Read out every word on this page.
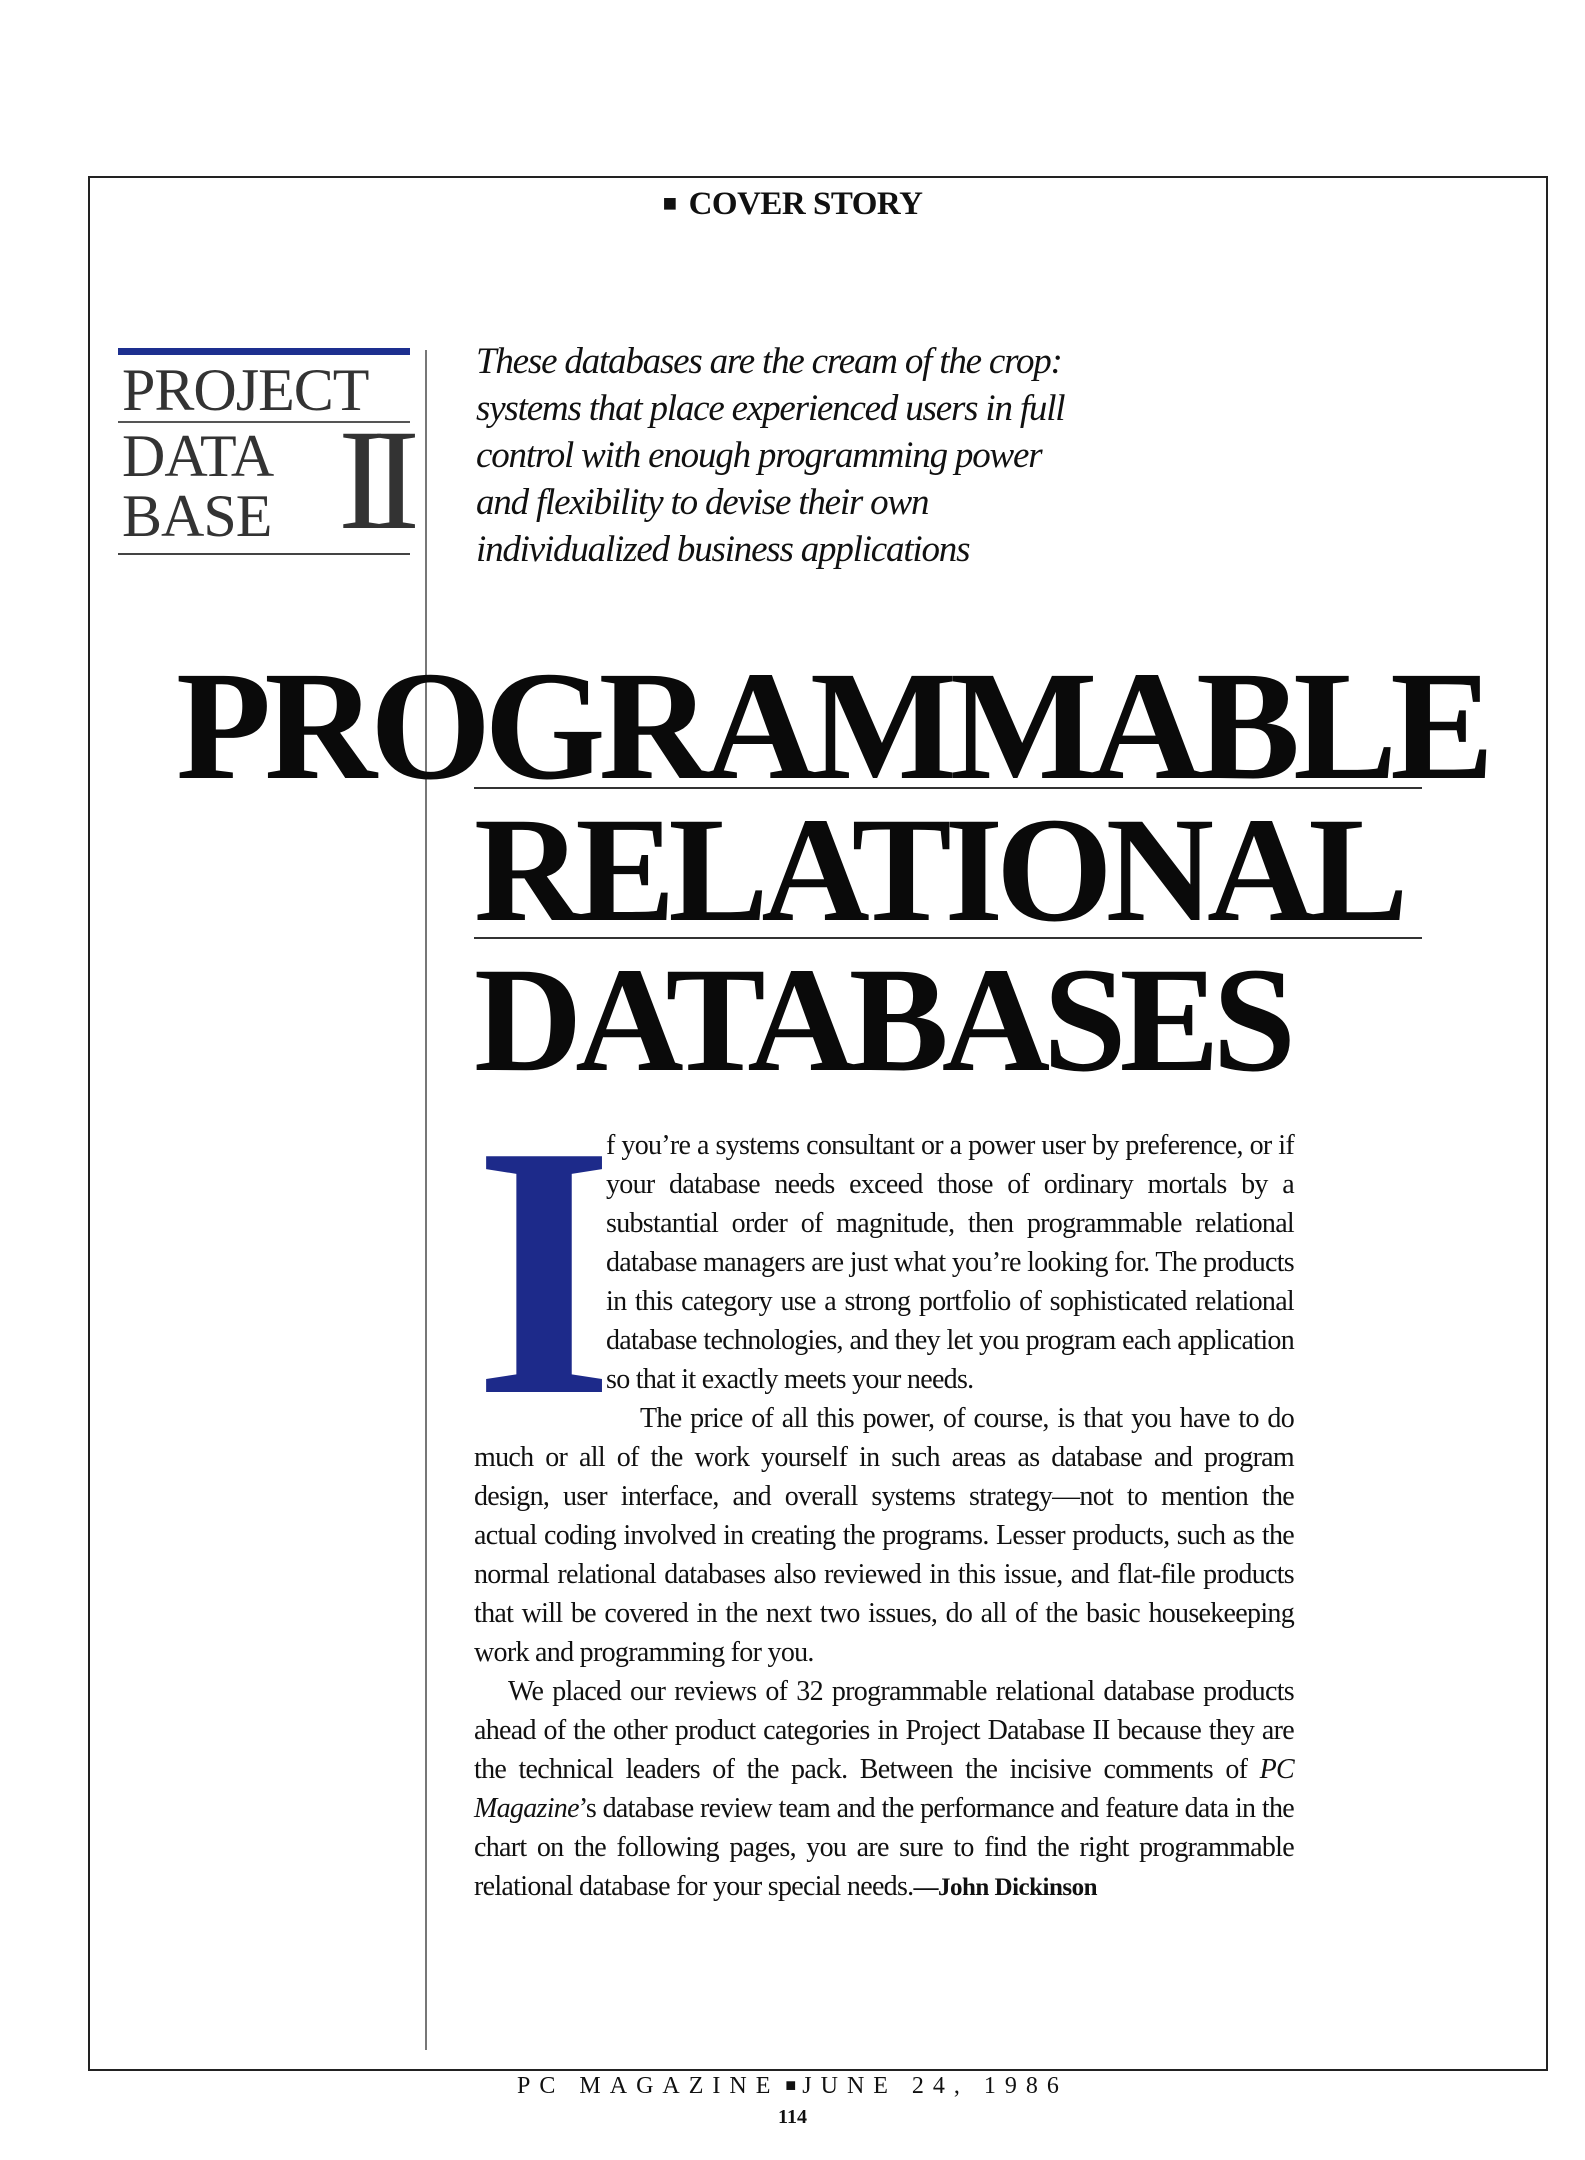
■ COVER STORY
PROJECT
DATA
BASE II
These databases are the cream of the crop: systems that place experienced users in full control with enough programming power and flexibility to devise their own individualized business applications
PROGRAMMABLE
RELATIONAL
DATABASES

I
f you’re a systems consultant or a power user by preference, or if your database needs exceed those of ordinary mortals by a substantial order of magnitude, then programmable relational database managers are just what you’re looking for. The products in this category use a strong portfolio of sophisticated relational database technologies, and they let you program each application so that it exactly meets your needs.

The price of all this power, of course, is that you have to do much or all of the work yourself in such areas as database and program design, user interface, and overall systems strategy—not to mention the actual coding involved in creating the programs. Lesser products, such as the normal relational databases also reviewed in this issue, and flat-file products that will be covered in the next two issues, do all of the basic housekeeping work and programming for you.

We placed our reviews of 32 programmable relational database products ahead of the other product categories in Project Database II because they are the technical leaders of the pack. Between the incisive comments of PC Magazine’s database review team and the performance and feature data in the chart on the following pages, you are sure to find the right programmable relational database for your special needs.—John Dickinson

PC MAGAZINE ■ JUNE 24, 1986
114
